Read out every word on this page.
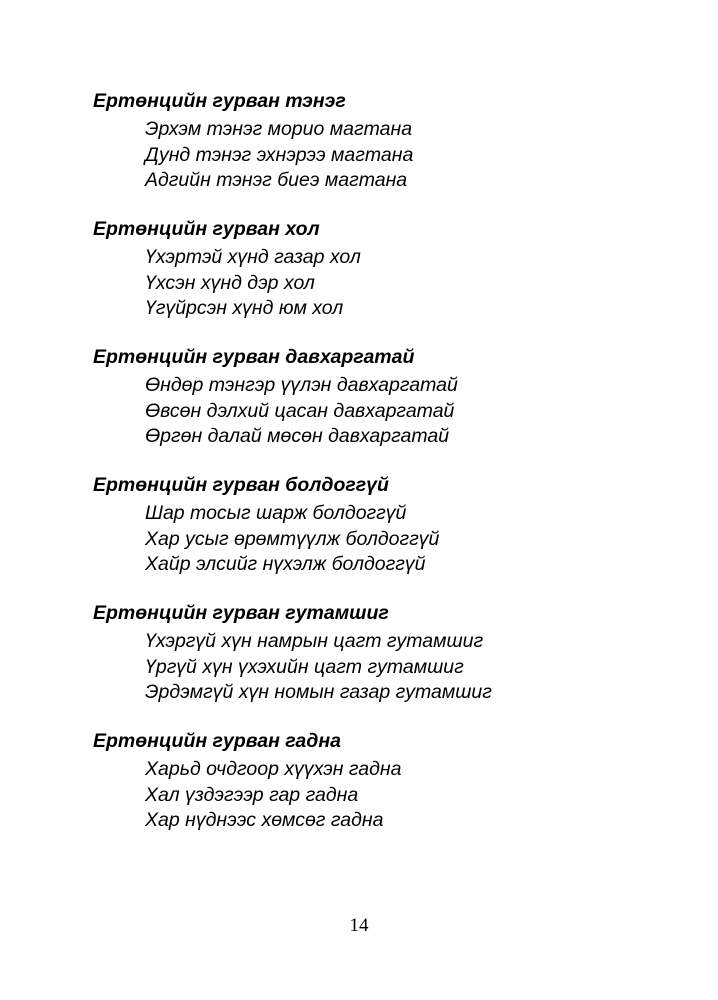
Ертөнцийн гурван тэнэг
Эрхэм тэнэг морио магтана
Дунд тэнэг эхнэрээ магтана
Адгийн тэнэг биеэ магтана
Ертөнцийн гурван хол
Үхэртэй хүнд газар хол
Үхсэн хүнд дэр хол
Үгүйрсэн хүнд юм хол
Ертөнцийн гурван давхаргатай
Өндөр тэнгэр үүлэн давхаргатай
Өвсөн дэлхий цасан давхаргатай
Өргөн далай мөсөн давхаргатай
Ертөнцийн гурван болдоггүй
Шар тосыг шарж болдоггүй
Хар усыг өрөмтүүлж болдоггүй
Хайр элсийг нүхэлж болдоггүй
Ертөнцийн гурван гутамшиг
Үхэргүй хүн намрын цагт гутамшиг
Үргүй хүн үхэхийн цагт гутамшиг
Эрдэмгүй хүн номын газар гутамшиг
Ертөнцийн гурван гадна
Харьд очдгоор хүүхэн гадна
Хал үздэгээр гар гадна
Хар нүднээс хөмсөг гадна
14
